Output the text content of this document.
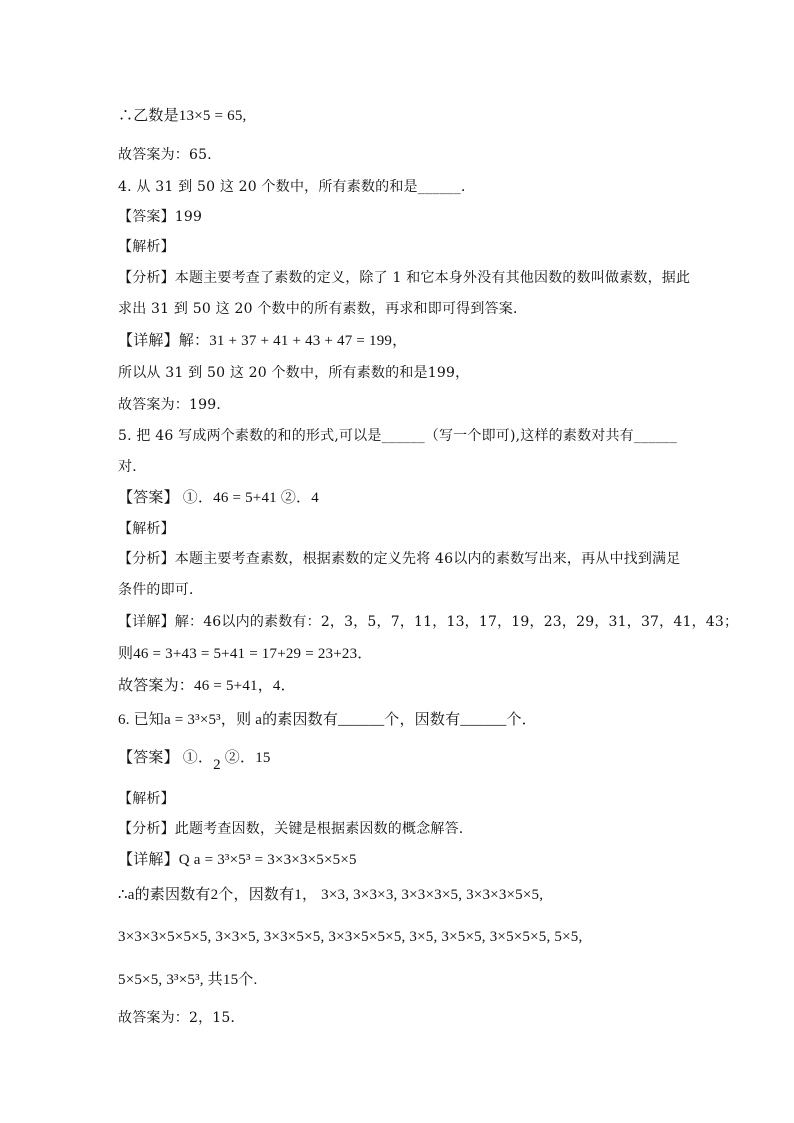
∴乙数是13×5 = 65,
故答案为：65．
4. 从 31 到 50 这 20 个数中，所有素数的和是______．
【答案】199
【解析】
【分析】本题主要考查了素数的定义，除了 1 和它本身外没有其他因数的数叫做素数，据此
求出 31 到 50 这 20 个数中的所有素数，再求和即可得到答案．
【详解】解：31 + 37 + 41 + 43 + 47 = 199，
所以从 31 到 50 这 20 个数中，所有素数的和是199，
故答案为：199．
5. 把 46 写成两个素数的和的形式,可以是______（写一个即可),这样的素数对共有______
对．
【答案】 ①．46 = 5+41 ②．4
【解析】
【分析】本题主要考查素数，根据素数的定义先将 46以内的素数写出来，再从中找到满足
条件的即可．
【详解】解：46以内的素数有：2，3，5，7，11，13，17，19，23，29，31，37，41，43；
则46 = 3+43 = 5+41 = 17+29 = 23+23．
故答案为：46 = 5+41，4．
6. 已知a = 3³×5³，则 a的素因数有______个，因数有______个．
【答案】 ①．2 ②．15
【解析】
【分析】此题考查因数，关键是根据素因数的概念解答.
【详解】Q a = 3³×5³ = 3×3×3×5×5×5
∴a的素因数有2个，因数有1， 3×3, 3×3×3, 3×3×3×5, 3×3×3×5×5,
3×3×3×5×5×5, 3×3×5, 3×3×5×5, 3×3×5×5×5, 3×5, 3×5×5, 3×5×5×5, 5×5,
5×5×5, 3³×5³, 共15个.
故答案为：2，15．
